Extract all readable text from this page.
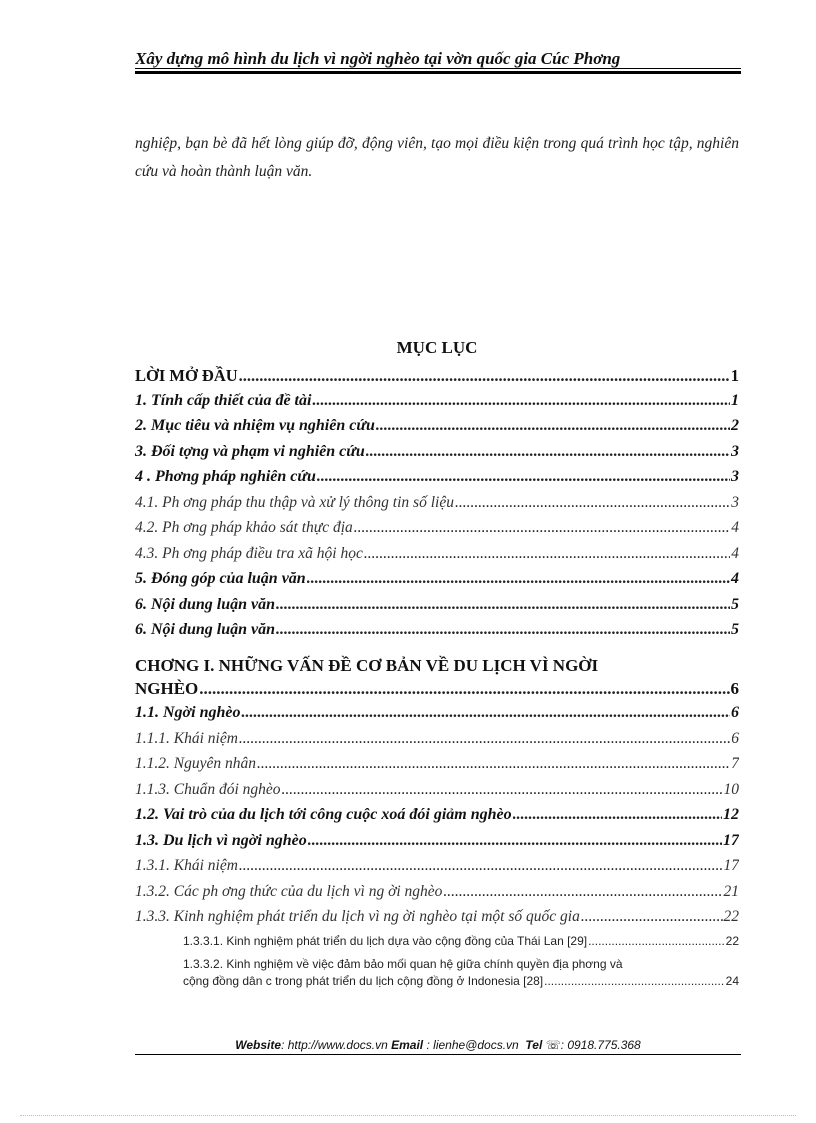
Xây dựng mô hình du lịch vì ngời nghèo tại vờn quốc gia Cúc Phơng

nghiệp, bạn bè đã hết lòng giúp đỡ, động viên, tạo mọi điều kiện trong quá trình học tập, nghiên cứu và hoàn thành luận văn.

MỤC LỤC
LỜI MỞ ĐẦU .....	1
1. Tính cấp thiết của đề tài .....	1
2. Mục tiêu và nhiệm vụ nghiên cứu .....	2
3. Đối tợng và phạm vi nghiên cứu .....	3
4 . Phơng pháp nghiên cứu .....	3
4.1. Ph ơng pháp thu thập và xử lý thông tin số liệu .....	3
4.2. Ph ơng pháp khảo sát thực địa .....	4
4.3. Ph ơng pháp điều tra xã hội học .....	4
5. Đóng góp của luận văn .....	4
6. Nội dung luận văn .....	5
6. Nội dung luận văn .....	5
CHƠNG I. NHỮNG VẤN ĐỀ CƠ BẢN VỀ DU LỊCH VÌ NGỜI
NGHÈO .....	6
1.1. Ngời nghèo .....	6
1.1.1. Khái niệm .....	6
1.1.2. Nguyên nhân .....	7
1.1.3. Chuẩn đói nghèo .....	10
1.2. Vai trò của du lịch tới công cuộc xoá đói giảm nghèo .....	12
1.3. Du lịch vì ngời nghèo .....	17
1.3.1. Khái niệm .....	17
1.3.2. Các ph ơng thức của du lịch vì ng ời nghèo .....	21
1.3.3. Kinh nghiệm phát triển du lịch vì ng ời nghèo tại một số quốc gia .....	22
1.3.3.1. Kinh nghiệm phát triển du lịch dựa vào cộng đồng của Thái Lan [29] .....	22
1.3.3.2. Kinh nghiệm về việc đảm bảo mối quan hệ giữa chính quyền địa phơng và
cộng đồng dân c trong phát triển du lịch cộng đồng ở Indonesia [28] .....	24
Website: http://www.docs.vn Email : lienhe@docs.vn Tel ☏: 0918.775.368
